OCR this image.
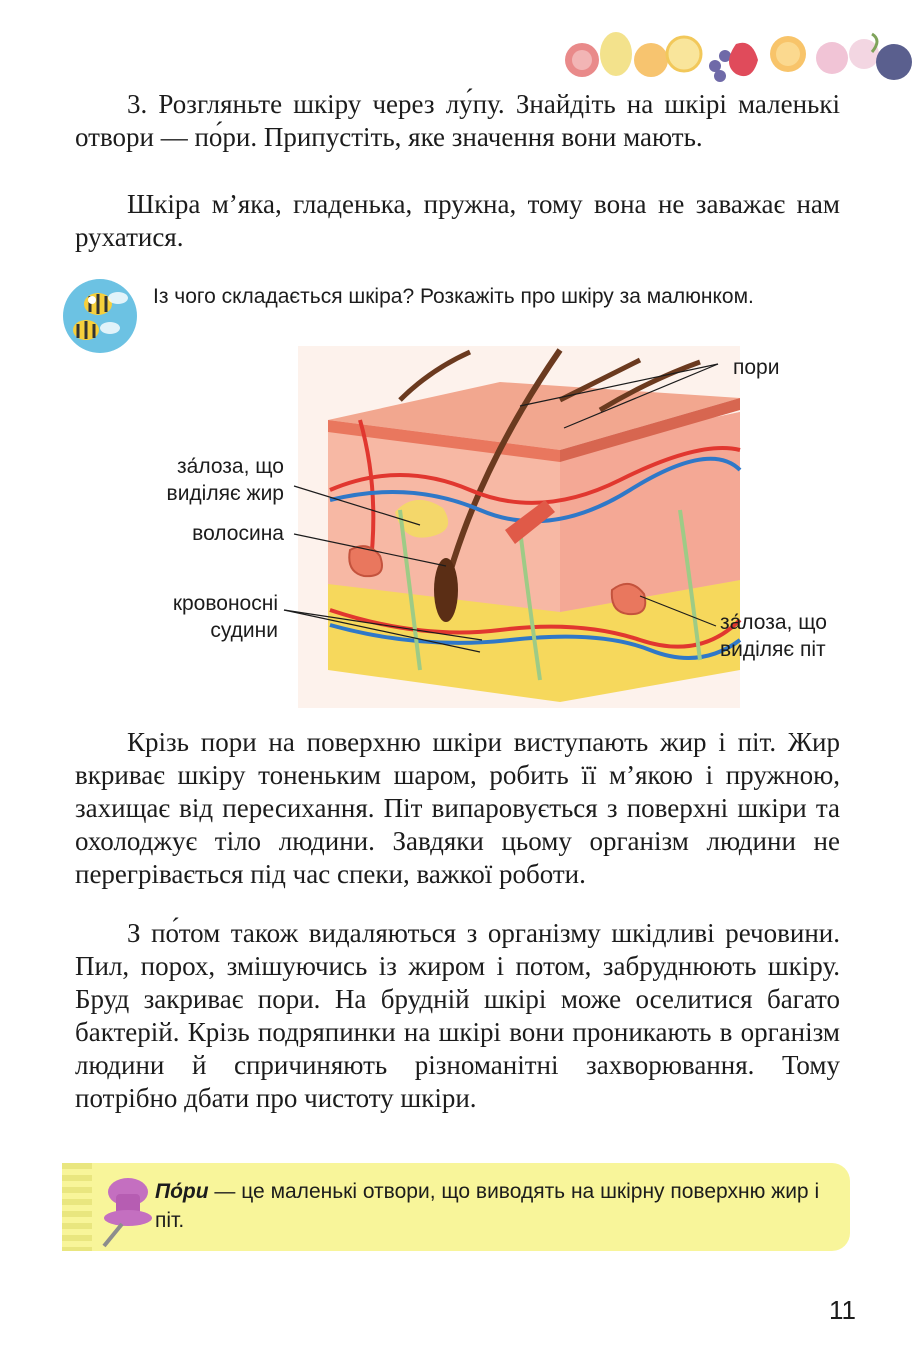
3. Розгляньте шкіру через лу́пу. Знайдіть на шкірі маленькі отвори — по́ри. Припустіть, яке значення вони мають.

Шкіра м’яка, гладенька, пружна, тому вона не заважає нам рухатися.

Із чого складається шкіра? Розкажіть про шкіру за малюнком.

пори
за́лоза, що
виділяє жир
волосина
кровоносні
судини	за́лоза, що
виділяє піт

Крізь пори на поверхню шкіри виступають жир і піт. Жир вкриває шкіру тоненьким шаром, робить її м’якою і пружною, захищає від пересихання. Піт випаровується з поверхні шкіри та охолоджує тіло людини. Завдяки цьому організм людини не перегрівається під час спеки, важкої роботи.

З по́том також видаляються з організму шкідливі речовини. Пил, порох, змішуючись із жиром і потом, забруднюють шкіру. Бруд закриває пори. На брудній шкірі може оселитися багато бактерій. Крізь подряпинки на шкірі вони проникають в організм людини й спричиняють різноманітні захворювання. Тому потрібно дбати про чистоту шкіри.

По́ри — це маленькі отвори, що виводять на шкірну поверхню жир і піт.

11
